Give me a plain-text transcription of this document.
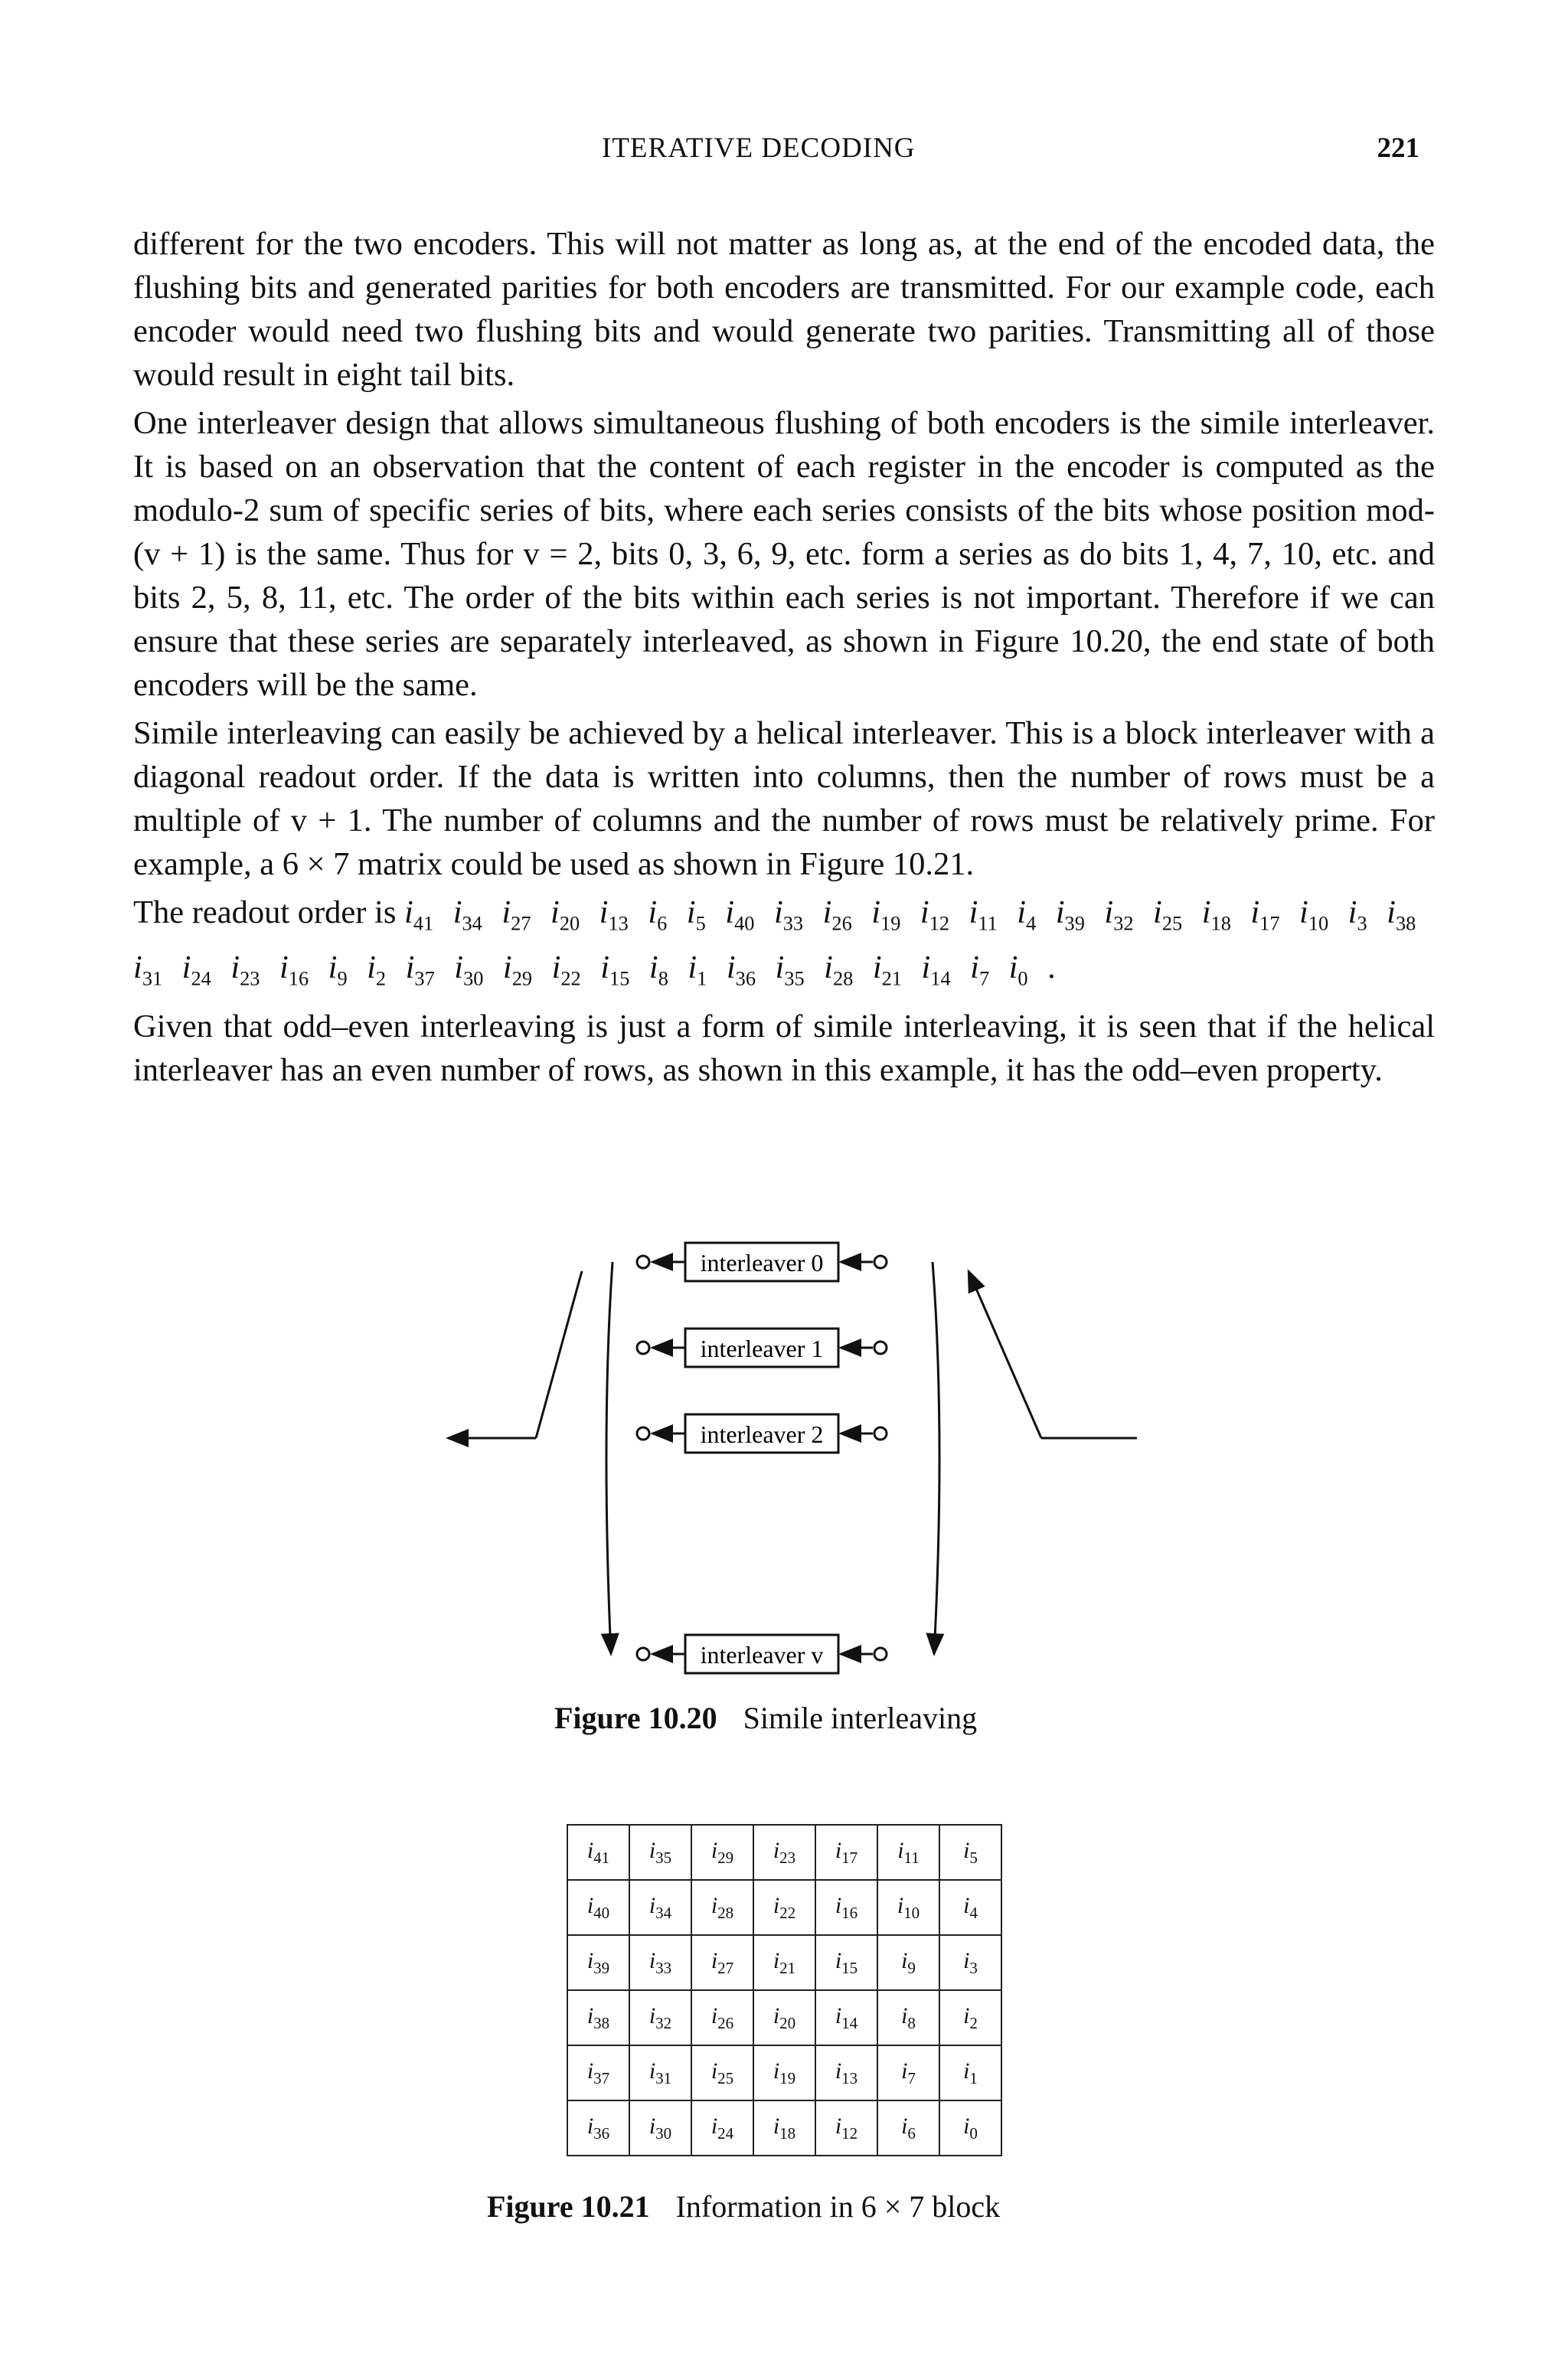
ITERATIVE DECODING	221

different for the two encoders. This will not matter as long as, at the end of the encoded data, the flushing bits and generated parities for both encoders are transmitted. For our example code, each encoder would need two flushing bits and would generate two parities. Transmitting all of those would result in eight tail bits.

One interleaver design that allows simultaneous flushing of both encoders is the simile interleaver. It is based on an observation that the content of each register in the encoder is computed as the modulo-2 sum of specific series of bits, where each series consists of the bits whose position mod-(v + 1) is the same. Thus for v = 2, bits 0, 3, 6, 9, etc. form a series as do bits 1, 4, 7, 10, etc. and bits 2, 5, 8, 11, etc. The order of the bits within each series is not important. Therefore if we can ensure that these series are separately interleaved, as shown in Figure 10.20, the end state of both encoders will be the same.

Simile interleaving can easily be achieved by a helical interleaver. This is a block interleaver with a diagonal readout order. If the data is written into columns, then the number of rows must be a multiple of v + 1. The number of columns and the number of rows must be relatively prime. For example, a 6 × 7 matrix could be used as shown in Figure 10.21.

The readout order is $i_{41}$ $i_{34}$ $i_{27}$ $i_{20}$ $i_{13}$ $i_6$ $i_5$ $i_{40}$ $i_{33}$ $i_{26}$ $i_{19}$ $i_{12}$ $i_{11}$ $i_4$ $i_{39}$ $i_{32}$ $i_{25}$ $i_{18}$ $i_{17}$ $i_{10}$ $i_3$ $i_{38}$ $i_{31}$ $i_{24}$ $i_{23}$ $i_{16}$ $i_9$ $i_2$ $i_{37}$ $i_{30}$ $i_{29}$ $i_{22}$ $i_{15}$ $i_8$ $i_1$ $i_{36}$ $i_{35}$ $i_{28}$ $i_{21}$ $i_{14}$ $i_7$ $i_0$ .

Given that odd–even interleaving is just a form of simile interleaving, it is seen that if the helical interleaver has an even number of rows, as shown in this example, it has the odd–even property.

interleaver 0
interleaver 1
interleaver 2
interleaver v
Figure 10.20 Simile interleaving
$i_{41}$	$i_{35}$	$i_{29}$	$i_{23}$	$i_{17}$	$i_{11}$	$i_5$
$i_{40}$	$i_{34}$	$i_{28}$	$i_{22}$	$i_{16}$	$i_{10}$	$i_4$
$i_{39}$	$i_{33}$	$i_{27}$	$i_{21}$	$i_{15}$	$i_9$	$i_3$
$i_{38}$	$i_{32}$	$i_{26}$	$i_{20}$	$i_{14}$	$i_8$	$i_2$
$i_{37}$	$i_{31}$	$i_{25}$	$i_{19}$	$i_{13}$	$i_7$	$i_1$
$i_{36}$	$i_{30}$	$i_{24}$	$i_{18}$	$i_{12}$	$i_6$	$i_0$
Figure 10.21 Information in 6 × 7 block
